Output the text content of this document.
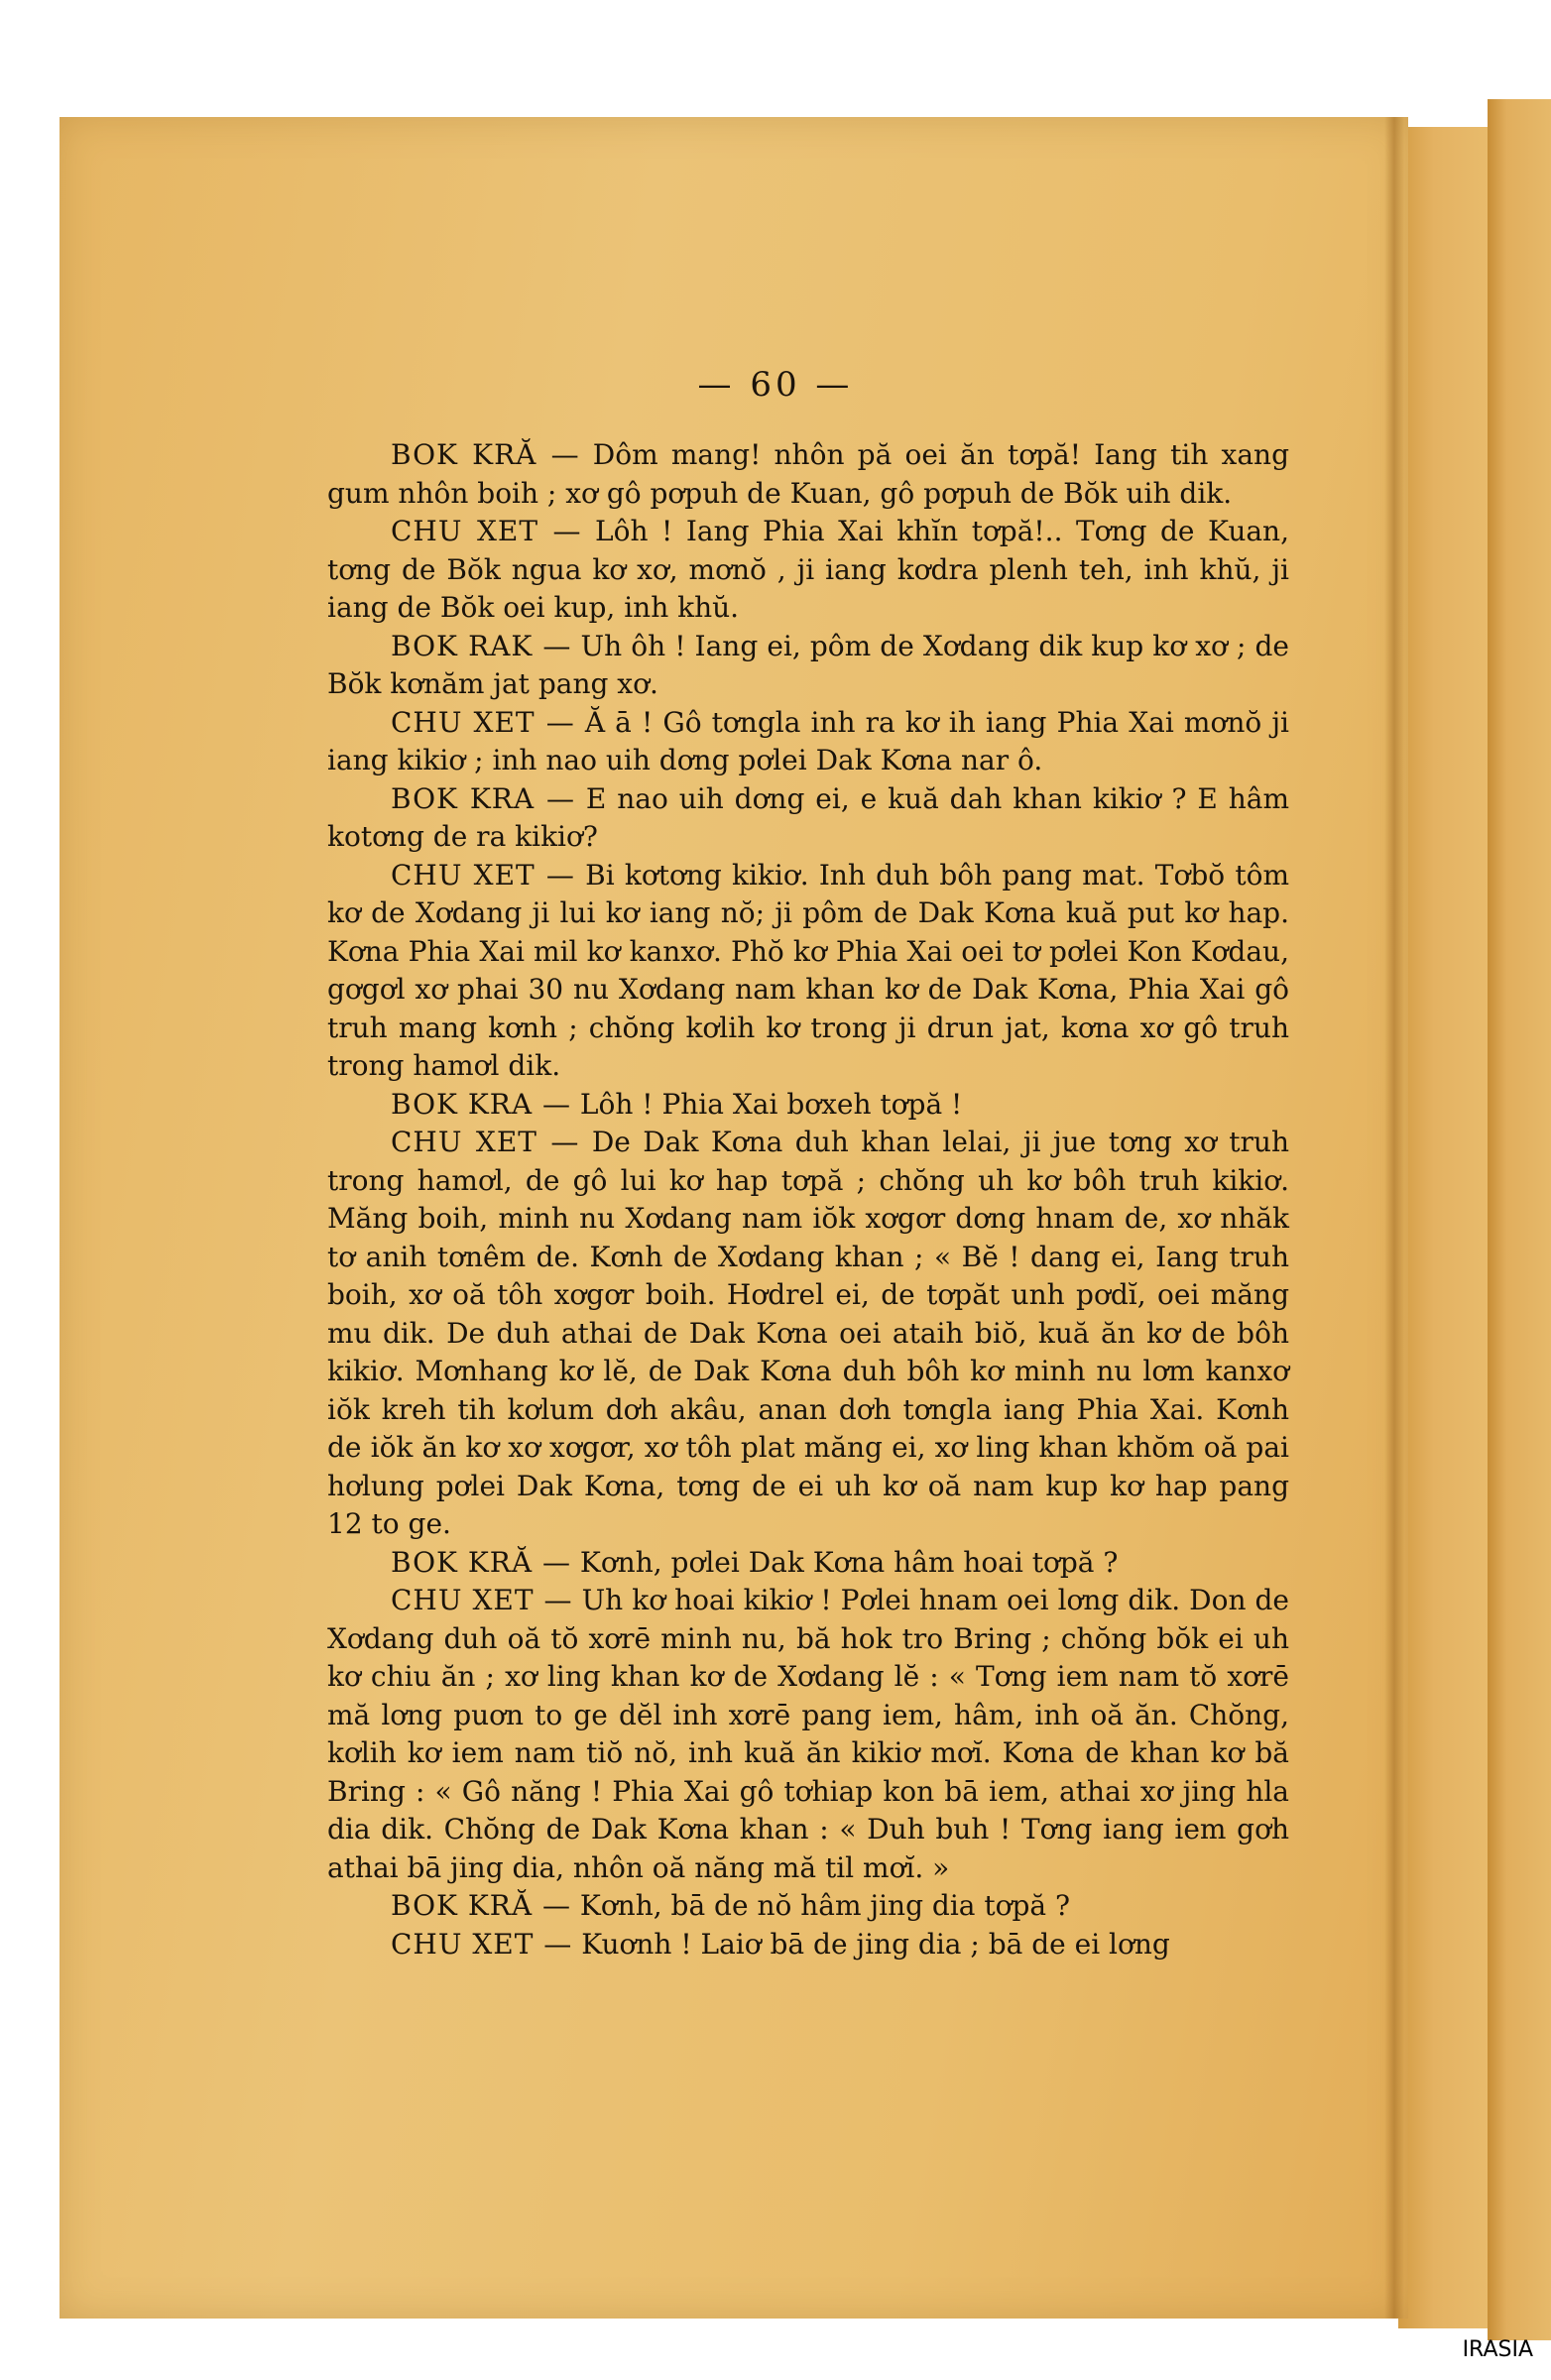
— 60 —

BOK KRĂ — Dôm mang! nhôn pă oei ăn tơpă! Iang tih xang gum nhôn boih ; xơ gô pơpuh de Kuan, gô pơpuh de Bŏk uih dik.

CHU XET — Lôh ! Iang Phia Xai khĭn tơpă!.. Tơng de Kuan, tơng de Bŏk ngua kơ xơ, mơnŏ , ji iang kơdra plenh teh, inh khŭ, ji iang de Bŏk oei kup, inh khŭ.

BOK RAK — Uh ôh ! Iang ei, pôm de Xơdang dik kup kơ xơ ; de Bŏk kơnăm jat pang xơ.

CHU XET — Ă ā ! Gô tơngla inh ra kơ ih iang Phia Xai mơnŏ ji iang kikiơ ; inh nao uih dơng pơlei Dak Kơna nar ô.

BOK KRA — E nao uih dơng ei, e kuă dah khan kikiơ ? E hâm kotơng de ra kikiơ?

CHU XET — Bi kơtơng kikiơ. Inh duh bôh pang mat. Tơbŏ tôm kơ de Xơdang ji lui kơ iang nŏ; ji pôm de Dak Kơna kuă put kơ hap. Kơna Phia Xai mil kơ kanxơ. Phŏ kơ Phia Xai oei tơ pơlei Kon Kơdau, gơgơl xơ phai 30 nu Xơdang nam khan kơ de Dak Kơna, Phia Xai gô truh mang kơnh ; chŏng kơlih kơ trong ji drun jat, kơna xơ gô truh trong hamơl dik.

BOK KRA — Lôh ! Phia Xai bơxeh tơpă !

CHU XET — De Dak Kơna duh khan lelai, ji jue tơng xơ truh trong hamơl, de gô lui kơ hap tơpă ; chŏng uh kơ bôh truh kikiơ. Măng boih, minh nu Xơdang nam iŏk xơgơr dơng hnam de, xơ nhăk tơ anih tơnêm de. Kơnh de Xơdang khan ; « Bĕ ! dang ei, Iang truh boih, xơ oă tôh xơgơr boih. Hơdrel ei, de tơpăt unh pơdĭ, oei măng mu dik. De duh athai de Dak Kơna oei ataih biŏ, kuă ăn kơ de bôh kikiơ. Mơnhang kơ lĕ, de Dak Kơna duh bôh kơ minh nu lơm kanxơ iŏk kreh tih kơlum dơh akâu, anan dơh tơngla iang Phia Xai. Kơnh de iŏk ăn kơ xơ xơgơr, xơ tôh plat măng ei, xơ ling khan khŏm oă pai hơlung pơlei Dak Kơna, tơng de ei uh kơ oă nam kup kơ hap pang 12 to ge.

BOK KRĂ — Kơnh, pơlei Dak Kơna hâm hoai tơpă ?

CHU XET — Uh kơ hoai kikiơ ! Pơlei hnam oei lơng dik. Don de Xơdang duh oă tŏ xơrē minh nu, bă hok tro Bring ; chŏng bŏk ei uh kơ chiu ăn ; xơ ling khan kơ de Xơdang lĕ : « Tơng iem nam tŏ xơrē mă lơng puơn to ge dĕl inh xơrē pang iem, hâm, inh oă ăn. Chŏng, kơlih kơ iem nam tiŏ nŏ, inh kuă ăn kikiơ mơĭ. Kơna de khan kơ bă Bring : « Gô năng ! Phia Xai gô tơhiap kon bā iem, athai xơ jing hla dia dik. Chŏng de Dak Kơna khan : « Duh buh ! Tơng iang iem gơh athai bā jing dia, nhôn oă năng mă til mơĭ. »

BOK KRĂ — Kơnh, bā de nŏ hâm jing dia tơpă ?

CHU XET — Kuơnh ! Laiơ bā de jing dia ; bā de ei lơng

IRASIA
